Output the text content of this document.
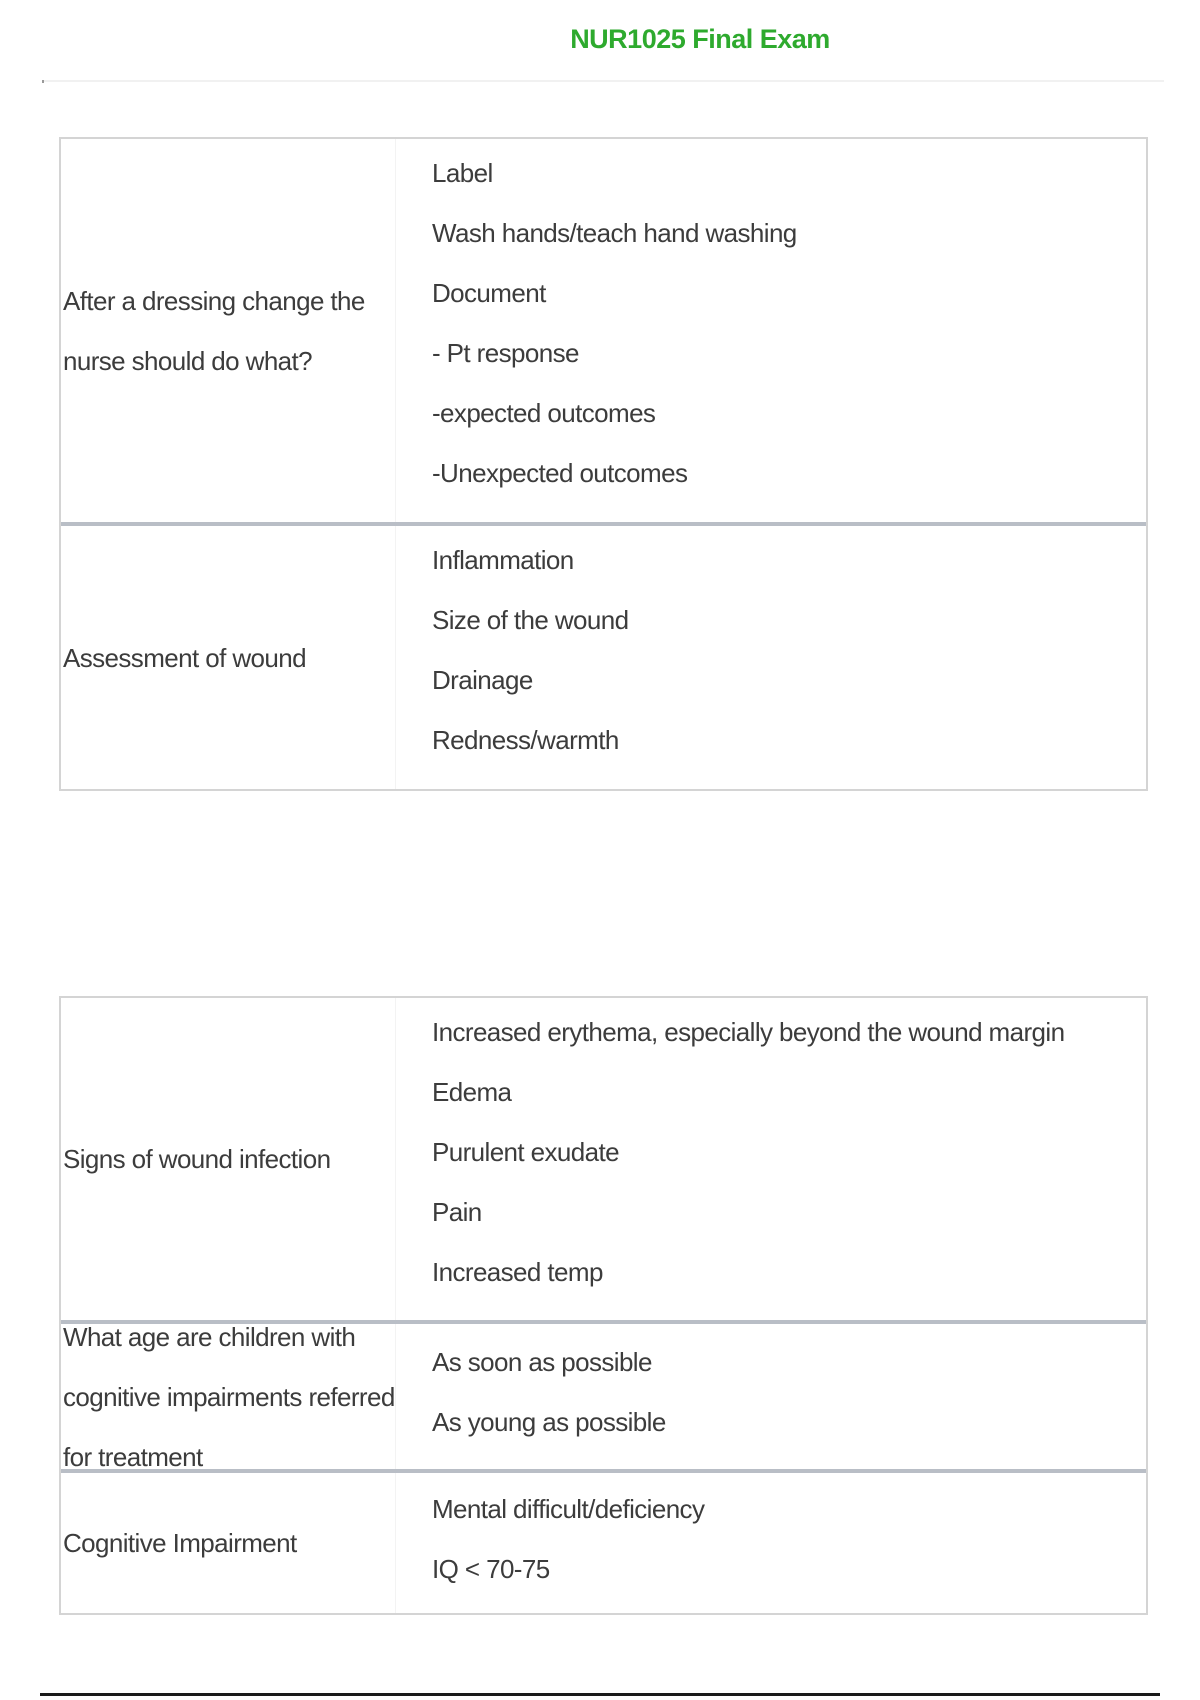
NUR1025 Final Exam
After a dressing change the nurse should do what?
Label
Wash hands/teach hand washing
Document
- Pt response
-expected outcomes
-Unexpected outcomes
Assessment of wound
Inflammation
Size of the wound
Drainage
Redness/warmth
Signs of wound infection
Increased erythema, especially beyond the wound margin
Edema
Purulent exudate
Pain
Increased temp
What age are children with cognitive impairments referred for treatment
As soon as possible
As young as possible
Cognitive Impairment
Mental difficult/deficiency
IQ < 70-75
